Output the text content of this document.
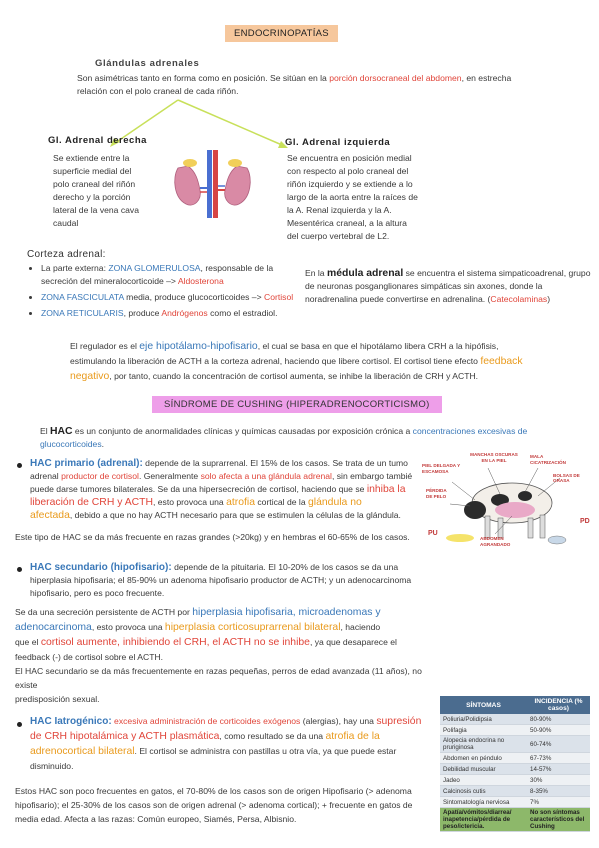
ENDOCRINOPATÍAS
Glándulas adrenales
Son asimétricas tanto en forma como en posición. Se sitúan en la porción dorsocraneal del abdomen, en estrecha
relación con el polo craneal de cada riñón.
Gl. Adrenal derecha
Se extiende entre la
superficie medial del
polo craneal del riñón
derecho y la porción
lateral de la vena cava
caudal
Gl. Adrenal izquierda
Se encuentra en posición medial
con respecto al polo craneal del
riñón izquierdo y se extiende a lo
largo de la aorta entre la raíces de
la A. Renal izquierda y la A.
Mesentérica craneal, a la altura
del cuerpo vertebral de L2.
Corteza adrenal:
• La parte externa: ZONA GLOMERULOSA, responsable de la
secreción del mineralocorticoide –> Aldosterona
• ZONA FASCICULATA media, produce glucocorticoides –> Cortisol
• ZONA RETICULARIS, produce Andrógenos como el estradiol.
En la médula adrenal se encuentra el sistema simpaticoadrenal, grupo
de neuronas posganglionares simpáticas sin axones, donde la
noradrenalina puede convertirse en adrenalina. (Catecolaminas)
El regulador es el eje hipotálamo-hipofisario, el cual se basa en que el hipotálamo libera CRH a la hipófisis,
estimulando la liberación de ACTH a la corteza adrenal, haciendo que libere cortisol. El cortisol tiene efecto feedback
negativo, por tanto, cuando la concentración de cortisol aumenta, se inhibe la liberación de CRH y ACTH.
SÍNDROME DE CUSHING (HIPERADRENOCORTICISMO)
El HAC es un conjunto de anormalidades clínicas y químicas causadas por exposición crónica a concentraciones excesivas de
glucocorticoides.
HAC primario (adrenal): depende de la suprarrenal. El 15% de los casos. Se trata de un tumo
adrenal productor de cortisol. Generalmente solo afecta a una glándula adrenal, sin embargo tambié
puede darse tumores bilaterales. Se da una hipersecreción de cortisol, haciendo que se inhiba la
liberación de CRH y ACTH, esto provoca una atrofia cortical de la glándula no
afectada, debido a que no hay ACTH necesario para que se estimulen la células de la glándula.
Este tipo de HAC se da más frecuente en razas grandes (>20kg) y en hembras el 60-65% de los casos.
PIEL DELGADA Y ESCAMOSA
MANCHAS OSCURAS EN LA PIEL
MALA CICATRIZACIÓN
BOLSAS DE GRASA
PÉRDIDA DE PELO
ABDOMEN AGRANDADO
PU
PD
HAC secundario (hipofisario): depende de la pituitaria. El 10-20% de los casos se da una
hiperplasia hipofisaria; el 85-90% un adenoma hipofisario productor de ACTH; y un adenocarcinoma
hipofisario, pero es poco frecuente.
Se da una secreción persistente de ACTH por hiperplasia hipofisaria, microadenomas y
adenocarcinoma, esto provoca una hiperplasia corticosuprarrenal bilateral, haciendo
que el cortisol aumente, inhibiendo el CRH, el ACTH no se inhibe, ya que desaparece el
feedback (-) de cortisol sobre el ACTH.
El HAC secundario se da más frecuentemente en razas pequeñas, perros de edad avanzada (11 años), no existe
predisposición sexual.
HAC Iatrogénico: excesiva administración de corticoides exógenos (alergias), hay una supresión
de CRH hipotalámica y ACTH plasmática, como resultado se da una atrofia de la
adrenocortical bilateral. El cortisol se administra con pastillas u otra vía, ya que puede estar
disminuido.
Estos HAC son poco frecuentes en gatos, el 70-80% de los casos son de origen Hipofisario (> adenoma
hipofisario); el 25-30% de los casos son de origen adrenal (> adenoma cortical); + frecuente en gatos de
media edad. Afecta a las razas: Común europeo, Siamés, Persa, Albisnio.
SÍNTOMAS	INCIDENCIA (% casos)
Poliuria/Polidipsia	80-90%
Polifagia	50-90%
Alopecia endocrina no pruriginosa	60-74%
Abdomen en péndulo	67-73%
Debilidad muscular	14-57%
Jadeo	30%
Calcinosis cutis	8-35%
Sintomatología nerviosa	7%
Apatía/vómitos/diarrea/ inapetencia/pérdida de peso/ictericia.	No son síntomas característicos del Cushing
